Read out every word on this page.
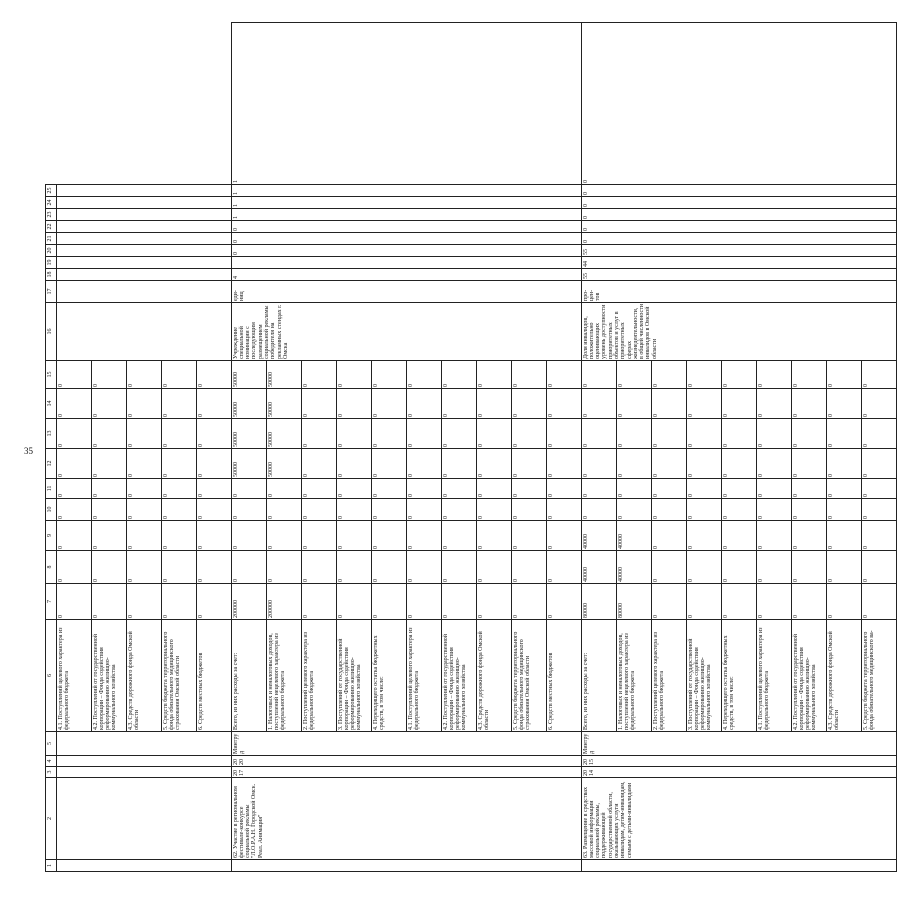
35
1	2	3	4	5	6	7	8	9	10	11	12	13	14	15	16	17	18	19	20	21	22	23	24	25	
					4.1. Поступлений целевого характера из федерального бюджета	0	0	0	0	0	0	0	0	0											
					4.2. Поступлений от государственной корпорации – Фонда содействия реформированию жилищно-коммунального хозяйства	0	0	0	0	0	0	0	0	0											
					4.3. Средств дорожного фонда Омской области	0	0	0	0	0	0	0	0	0											
					5. Средств бюджета территориального фонда обязательного медицинского страхования Омской области	0	0	0	0	0	0	0	0	0											
					6. Средств местных бюджетов	0	0	0	0	0	0	0	0	0											
	62. Участие в региональном фестивале-конкурсе социальной рекламы "Л.О.Р.А.Н. Городской Омск. Реал. Анимация"	2017	2020	Минтруд	Всего, из них расходы за счет:	200000	0	0	0	0	50000	50000	50000	50000	Учреждение специальной номинации с последующим размещением социальной рекламы победителя на рекламных стендах г. Омска	еди-ниц	4		0	0	0	1	1	1	1
					1. Налоговых и неналоговых доходов, поступлений нецелевого характера из федерального бюджета	200000	0	0	0	0	50000	50000	50000	50000											
					2. Поступлений целевого характера из федерального бюджета	0	0	0	0	0	0	0	0	0											
					3. Поступлений от государственной корпорации – Фонда содействия реформированию жилищно-коммунального хозяйства	0	0	0	0	0	0	0	0	0											
					4. Переходящего остатка бюджетных средств, в том числе:	0	0	0	0	0	0	0	0	0											
					4.1. Поступлений целевого характера из федерального бюджета	0	0	0	0	0	0	0	0	0											
					4.2. Поступлений от государственной корпорации – Фонда содействия реформированию жилищно-коммунального хозяйства	0	0	0	0	0	0	0	0	0											
					4.3. Средств дорожного фонда Омской области	0	0	0	0	0	0	0	0	0											
					5. Средств бюджета территориального фонда обязательного медицинского страхования Омской области	0	0	0	0	0	0	0	0	0											
					6. Средств местных бюджетов	0	0	0	0	0	0	0	0	0											
	63. Размещение в средствах массовой информации социальной рекламы, поддерживающей государственной области, оказывающих услуги инвалидам, детям-инвалидам, семьям с детьми-инвалидами	2014	2015	Минтруд	Всего, из них расходы за счет:	80000	40000	40000	0	0	0	0	0	0	Доля инвалидов, положительно оценивающих уровень доступности приоритетных объектов и услуг в приоритетных сферах жизнедеятельности, в общей численности инвалидов в Омской области	про-цен-тов	55	44	55	0	0	0	0	0	0
					1. Налоговых и неналоговых доходов, поступлений нецелевого характера из федерального бюджета	80000	40000	40000	0	0	0	0	0	0											
					2. Поступлений целевого характера из федерального бюджета	0	0	0	0	0	0	0	0	0											
					3. Поступлений от государственной корпорации – Фонда содействия реформированию жилищно-коммунального хозяйства	0	0	0	0	0	0	0	0	0											
					4. Переходящего остатка бюджетных средств, в том числе:	0	0	0	0	0	0	0	0	0											
					4.1. Поступлений целевого характера из федерального бюджета	0	0	0	0	0	0	0	0	0											
					4.2. Поступлений от государственной корпорации – Фонда содействия реформированию жилищно-коммунального хозяйства	0	0	0	0	0	0	0	0	0											
					4.3. Средств дорожного фонда Омской области	0	0	0	0	0	0	0	0	0											
					5. Средств бюджета территориального фонда обязательного медицинского ва-	0	0	0	0	0	0	0	0	0											
